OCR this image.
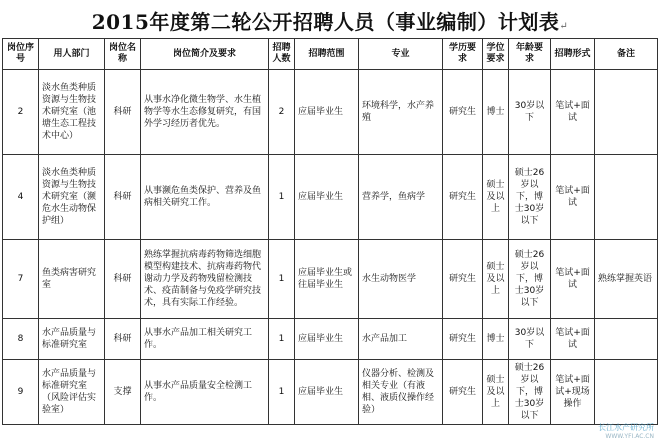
2015年度第二轮公开招聘人员（事业编制）计划表↵
岗位序号	用人部门	岗位名称	岗位简介及要求	招聘人数	招聘范围	专业	学历要求	学位要求	年龄要求	招聘形式	备注
2	淡水鱼类种质资源与生物技术研究室（池塘生态工程技术中心）	科研	从事水净化微生物学、水生植物学等水生态修复研究，有国外学习经历者优先。	2	应届毕业生	环境科学，水产养殖	研究生	博士	30岁以下	笔试+面试	
4	淡水鱼类种质资源与生物技术研究室（濒危水生动物保护组）	科研	从事濒危鱼类保护、营养及鱼病相关研究工作。	1	应届毕业生	营养学，鱼病学	研究生	硕士及以上	硕士26岁以下，博士30岁以下	笔试+面试	
7	鱼类病害研究室	科研	熟练掌握抗病毒药物筛选细胞模型构建技术、抗病毒药物代谢动力学及药物残留检测技术、疫苗制备与免疫学研究技术，具有实际工作经验。	1	应届毕业生或往届毕业生	水生动物医学	研究生	硕士及以上	硕士26岁以下，博士30岁以下	笔试+面试	熟练掌握英语
8	水产品质量与标准研究室	科研	从事水产品加工相关研究工作。	1	应届毕业生	水产品加工	研究生	博士	30岁以下	笔试+面试	
9	水产品质量与标准研究室（风险评估实验室）	支撑	从事水产品质量安全检测工作。	1	应届毕业生	仪器分析、检测及相关专业（有液相、液质仪操作经验）	研究生	硕士及以上	硕士26岁以下，博士30岁以下	笔试+面试+现场操作	
长江水产研究所
WWW.YFI.AC.CN
